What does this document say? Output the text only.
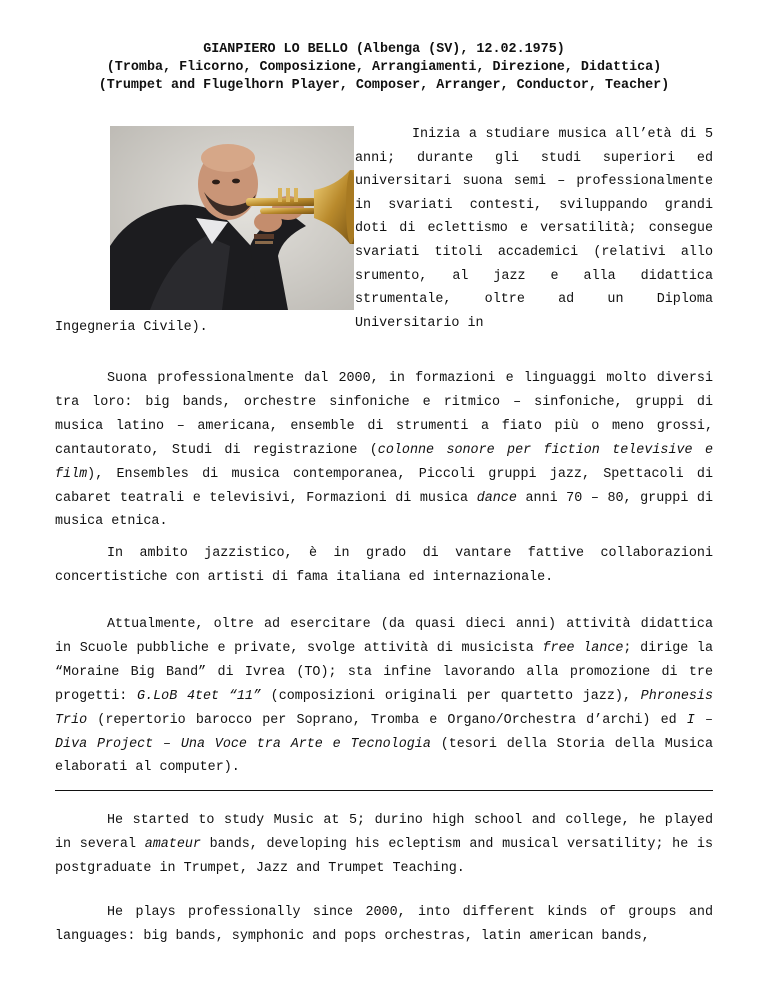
GIANPIERO LO BELLO (Albenga (SV), 12.02.1975)
(Tromba, Flicorno, Composizione, Arrangiamenti, Direzione, Didattica)
(Trumpet and Flugelhorn Player, Composer, Arranger, Conductor, Teacher)
Inizia a studiare musica all’età di 5 anni; durante gli studi superiori ed universitari suona semi – professionalmente in svariati contesti, sviluppando grandi doti di eclettismo e versatilità; consegue svariati titoli accademici (relativi allo srumento, al jazz e alla didattica strumentale, oltre ad un Diploma Universitario in
Ingegneria Civile).
Suona professionalmente dal 2000, in formazioni e linguaggi molto diversi tra loro: big bands, orchestre sinfoniche e ritmico – sinfoniche, gruppi di musica latino – americana, ensemble di strumenti a fiato più o meno grossi, cantautorato, Studi di registrazione (colonne sonore per fiction televisive e film), Ensembles di musica contemporanea, Piccoli gruppi jazz, Spettacoli di cabaret teatrali e televisivi, Formazioni di musica dance anni 70 – 80, gruppi di musica etnica.
In ambito jazzistico, è in grado di vantare fattive collaborazioni concertistiche con artisti di fama italiana ed internazionale.
Attualmente, oltre ad esercitare (da quasi dieci anni) attività didattica in Scuole pubbliche e private, svolge attività di musicista free lance; dirige la “Moraine Big Band” di Ivrea (TO); sta infine lavorando alla promozione di tre progetti: G.LoB 4tet “11” (composizioni originali per quartetto jazz), Phronesis Trio (repertorio barocco per Soprano, Tromba e Organo/Orchestra d’archi) ed I – Diva Project – Una Voce tra Arte e Tecnologia (tesori della Storia della Musica elaborati al computer).
He started to study Music at 5; durino high school and college, he played in several amateur bands, developing his ecleptism and musical versatility; he is postgraduate in Trumpet, Jazz and Trumpet Teaching.
He plays professionally since 2000, into different kinds of groups and languages: big bands, symphonic and pops orchestras, latin american bands,
